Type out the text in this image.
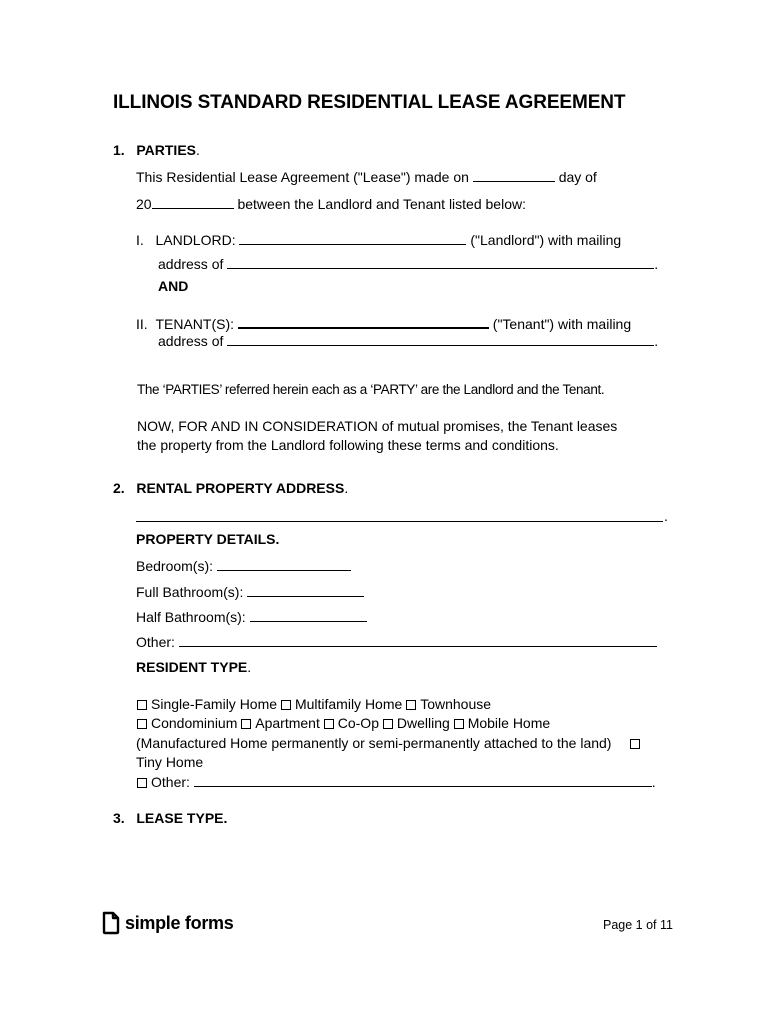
ILLINOIS STANDARD RESIDENTIAL LEASE AGREEMENT
1. PARTIES.
This Residential Lease Agreement ("Lease") made on	day of
20	between the Landlord and Tenant listed below:
I. LANDLORD:	("Landlord") with mailing
address of	.
AND
II. TENANT(S):	("Tenant") with mailing
address of	.
The ‘PARTIES’ referred herein each as a ‘PARTY’ are the Landlord and the Tenant.
NOW, FOR AND IN CONSIDERATION of mutual promises, the Tenant leases
the property from the Landlord following these terms and conditions.
2. RENTAL PROPERTY ADDRESS.
.
PROPERTY DETAILS.
Bedroom(s):
Full Bathroom(s):
Half Bathroom(s):
Other:
RESIDENT TYPE.
Single-Family Home Multifamily Home Townhouse
Condominium Apartment Co-Op Dwelling Mobile Home
(Manufactured Home permanently or semi-permanently attached to the land)
Tiny Home
Other:	.
3. LEASE TYPE.
simple forms	Page 1 of 11
